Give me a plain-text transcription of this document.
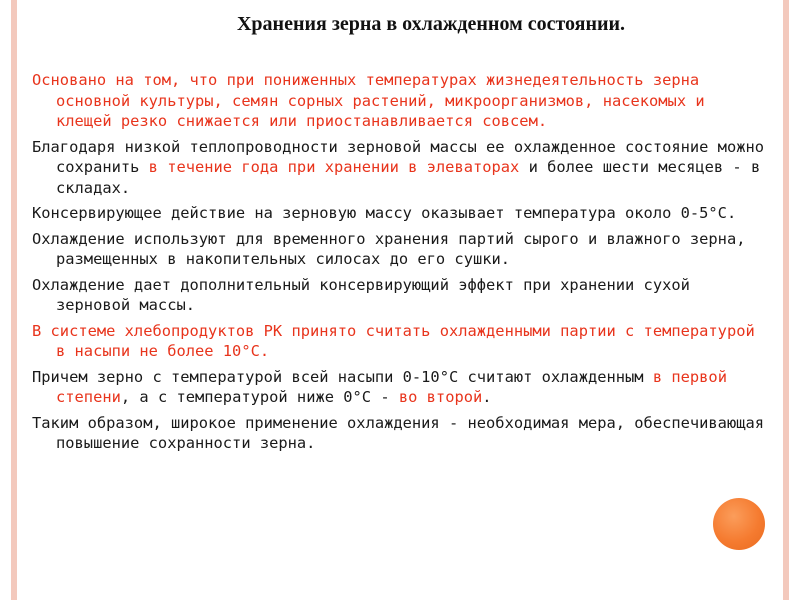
Хранения зерна в охлажденном состоянии.

Основано на том, что при пониженных температурах жизнедеятельность зерна основной культуры, семян сорных растений, микроорганизмов, насекомых и клещей резко снижается или приостанавливается совсем.

Благодаря низкой теплопроводности зерновой массы ее охлажденное состояние можно сохранить в течение года при хранении в элеваторах и более шести месяцев - в складах.

Консервирующее действие на зерновую массу оказывает температура около 0-5°С.

Охлаждение используют для временного хранения партий сырого и влажного зерна, размещенных в накопительных силосах до его сушки.

Охлаждение дает дополнительный консервирующий эффект при хранении сухой зерновой массы.

В системе хлебопродуктов РК принято считать охлажденными партии с температурой в насыпи не более 10°С.

Причем зерно с температурой всей насыпи 0-10°С считают охлажденным в первой степени, а с температурой ниже 0°С - во второй.

Таким образом, широкое применение охлаждения - необходимая мера, обеспечивающая повышение сохранности зерна.
